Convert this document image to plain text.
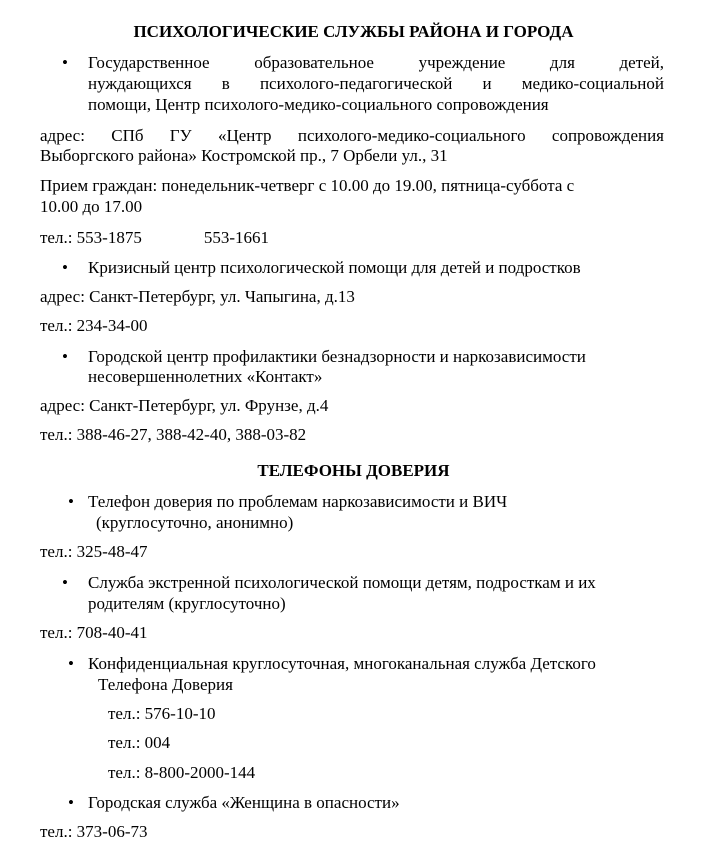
ПСИХОЛОГИЧЕСКИЕ СЛУЖБЫ РАЙОНА И ГОРОДА
• Государственное образовательное учреждение для детей,
нуждающихся в психолого-педагогической и медико-социальной
помощи, Центр психолого-медико-социального сопровождения
адрес: СПб ГУ «Центр психолого-медико-социального сопровождения
Выборгского района» Костромской пр., 7 Орбели ул., 31
Прием граждан: понедельник-четверг с 10.00 до 19.00, пятница-суббота с
10.00 до 17.00
тел.: 553-1875	553-1661
• Кризисный центр психологической помощи для детей и подростков
адрес: Санкт-Петербург, ул. Чапыгина, д.13
тел.: 234-34-00
• Городской центр профилактики безнадзорности и наркозависимости
несовершеннолетних «Контакт»
адрес: Санкт-Петербург, ул. Фрунзе, д.4
тел.: 388-46-27, 388-42-40, 388-03-82
ТЕЛЕФОНЫ ДОВЕРИЯ
• Телефон доверия по проблемам наркозависимости и ВИЧ
(круглосуточно, анонимно)
тел.: 325-48-47
• Служба экстренной психологической помощи детям, подросткам и их
родителям (круглосуточно)
тел.: 708-40-41
• Конфиденциальная круглосуточная, многоканальная служба Детского
Телефона Доверия
тел.: 576-10-10
тел.: 004
тел.: 8-800-2000-144
• Городская служба «Женщина в опасности»
тел.: 373-06-73
